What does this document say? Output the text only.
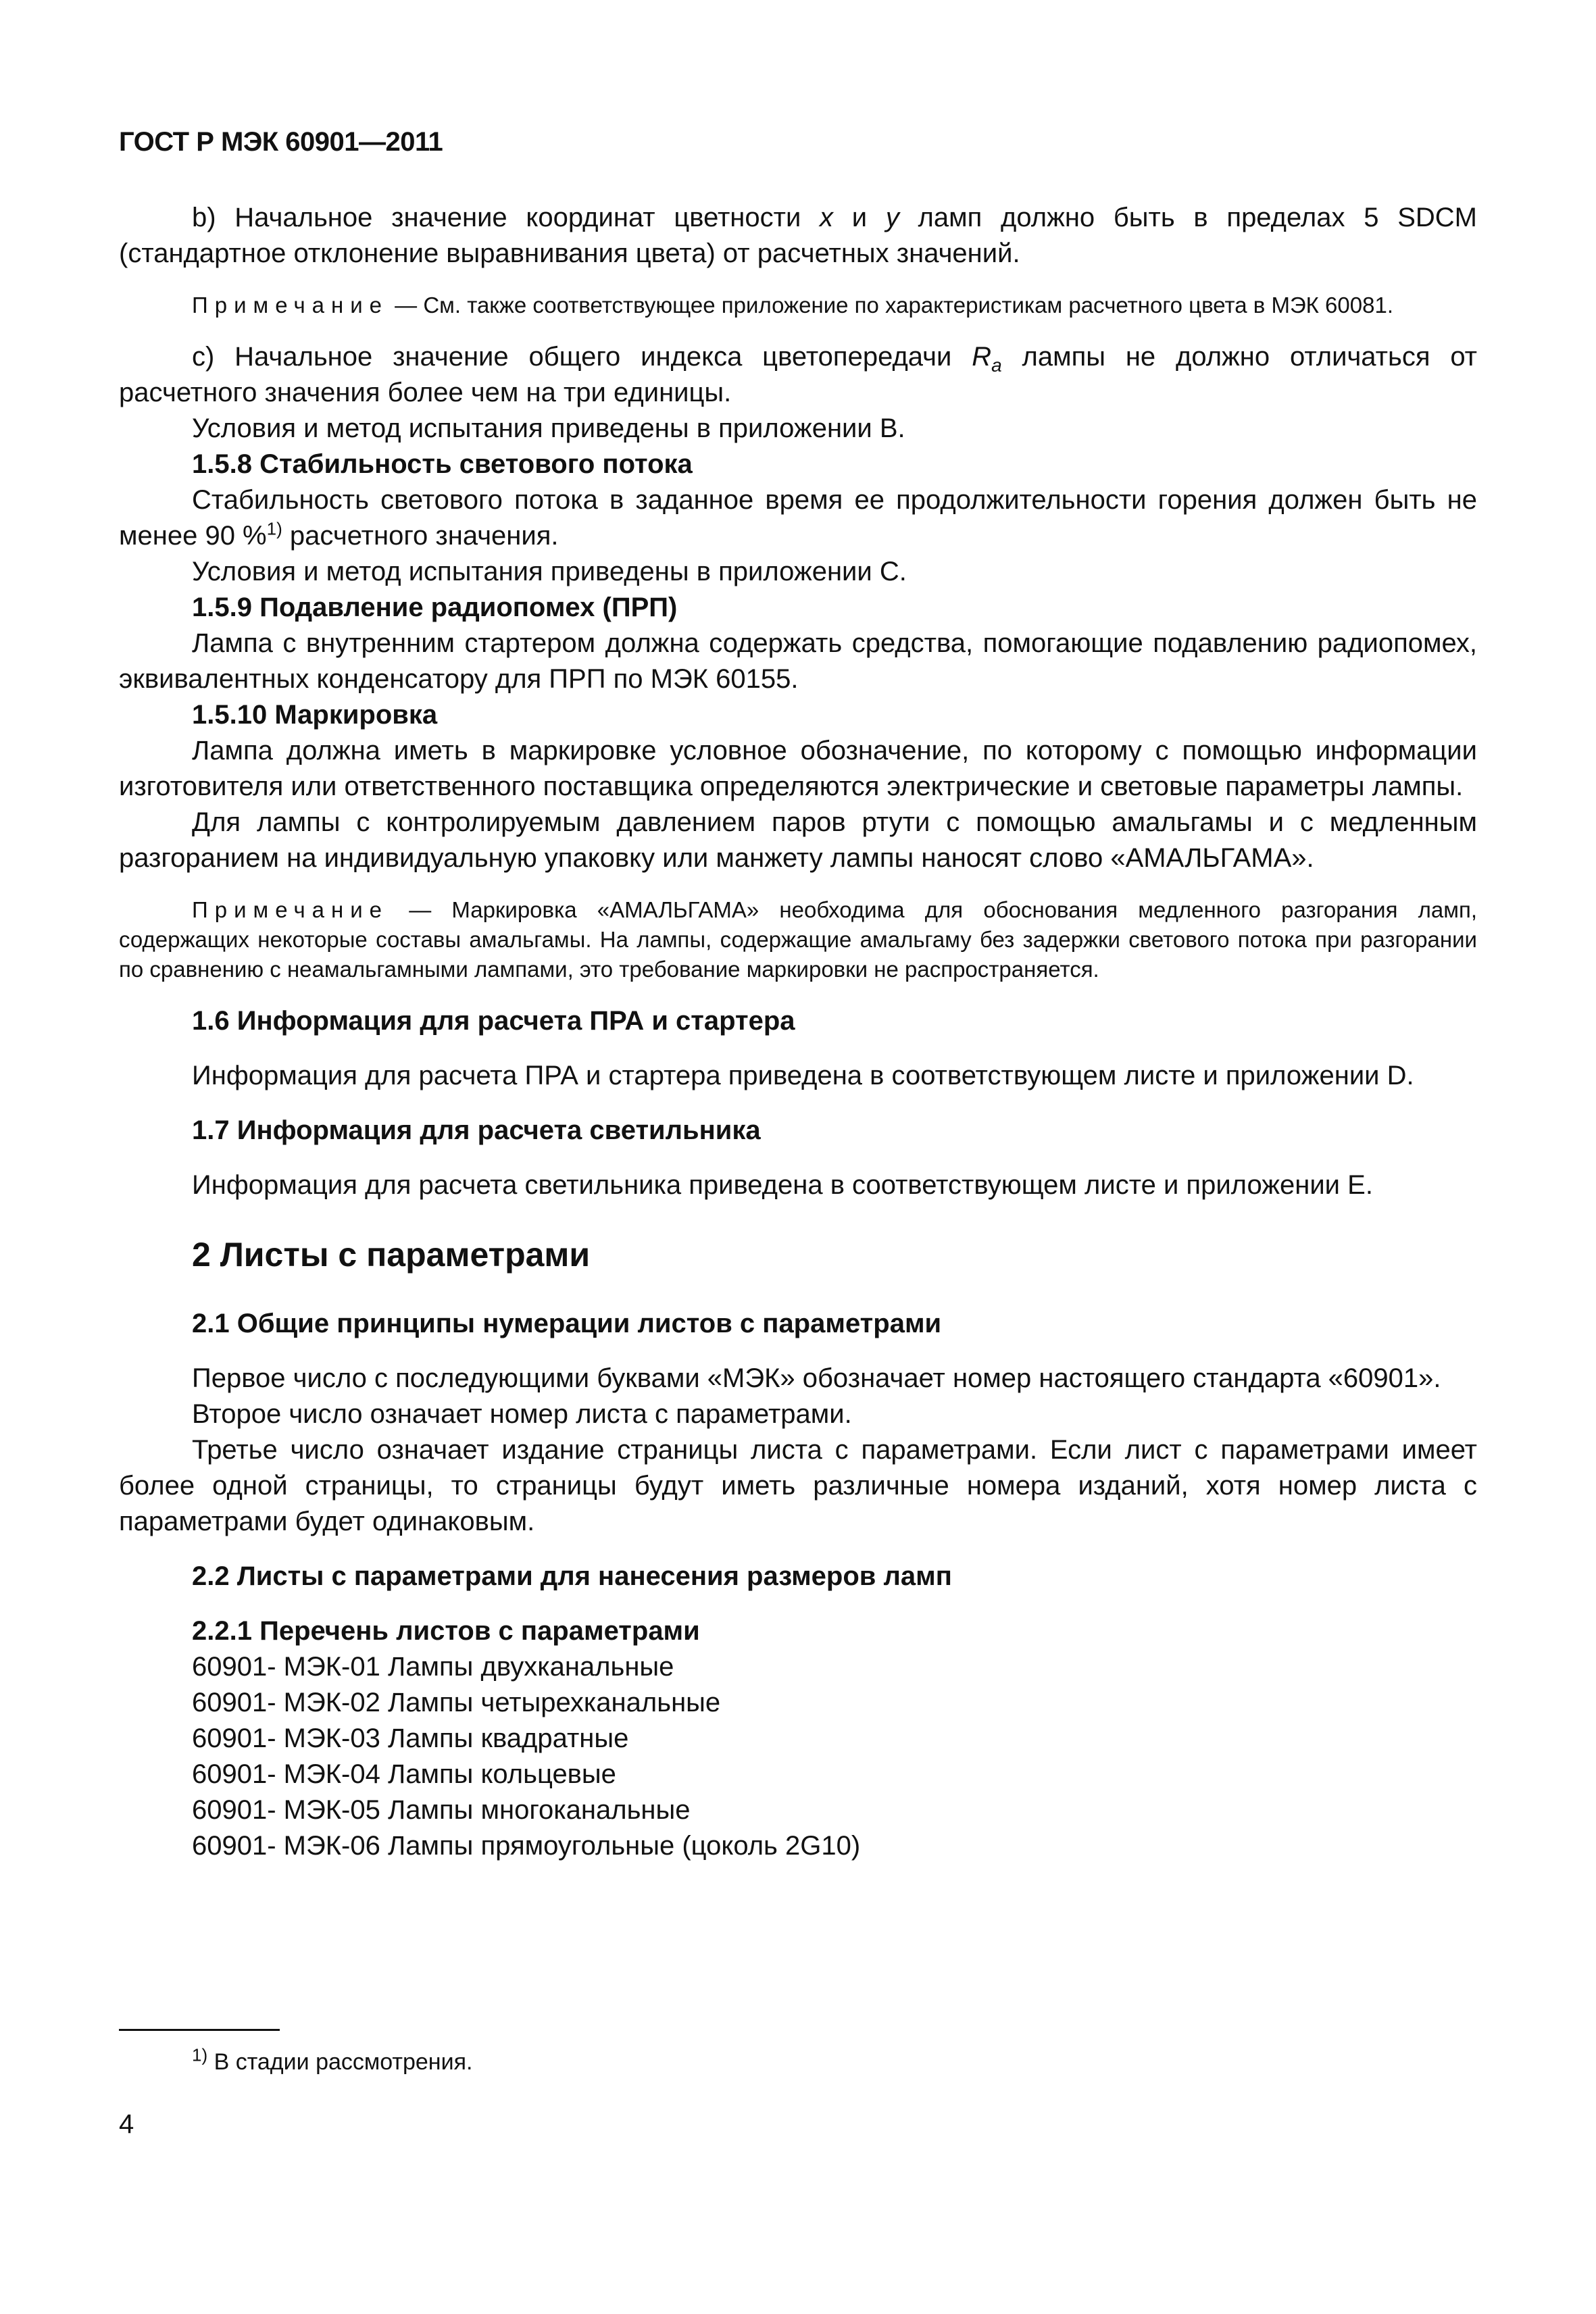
ГОСТ Р МЭК 60901—2011

b) Начальное значение координат цветности x и y ламп должно быть в пределах 5 SDCM (стандартное отклонение выравнивания цвета) от расчетных значений.

Примечание — См. также соответствующее приложение по характеристикам расчетного цвета в МЭК 60081.

c) Начальное значение общего индекса цветопередачи $R_a$ лампы не должно отличаться от расчетного значения более чем на три единицы.

Условия и метод испытания приведены в приложении B.

1.5.8 Стабильность светового потока

Стабильность светового потока в заданное время ее продолжительности горения должен быть не менее 90 %$^{1)}$ расчетного значения.

Условия и метод испытания приведены в приложении C.

1.5.9 Подавление радиопомех (ПРП)

Лампа с внутренним стартером должна содержать средства, помогающие подавлению радиопомех, эквивалентных конденсатору для ПРП по МЭК 60155.

1.5.10 Маркировка

Лампа должна иметь в маркировке условное обозначение, по которому с помощью информации изготовителя или ответственного поставщика определяются электрические и световые параметры лампы.

Для лампы с контролируемым давлением паров ртути с помощью амальгамы и с медленным разгоранием на индивидуальную упаковку или манжету лампы наносят слово «АМАЛЬГАМА».

Примечание — Маркировка «АМАЛЬГАМА» необходима для обоснования медленного разгорания ламп, содержащих некоторые составы амальгамы. На лампы, содержащие амальгаму без задержки светового потока при разгорании по сравнению с неамальгамными лампами, это требование маркировки не распространяется.

1.6 Информация для расчета ПРА и стартера

Информация для расчета ПРА и стартера приведена в соответствующем листе и приложении D.

1.7 Информация для расчета светильника

Информация для расчета светильника приведена в соответствующем листе и приложении E.

2 Листы с параметрами

2.1 Общие принципы нумерации листов с параметрами

Первое число с последующими буквами «МЭК» обозначает номер настоящего стандарта «60901».

Второе число означает номер листа с параметрами.

Третье число означает издание страницы листа с параметрами. Если лист с параметрами имеет более одной страницы, то страницы будут иметь различные номера изданий, хотя номер листа с параметрами будет одинаковым.

2.2 Листы с параметрами для нанесения размеров ламп

2.2.1 Перечень листов с параметрами

60901- МЭК-01 Лампы двухканальные

60901- МЭК-02 Лампы четырехканальные

60901- МЭК-03 Лампы квадратные

60901- МЭК-04 Лампы кольцевые

60901- МЭК-05 Лампы многоканальные

60901- МЭК-06 Лампы прямоугольные (цоколь 2G10)

$^{1)}$ В стадии рассмотрения.
4
